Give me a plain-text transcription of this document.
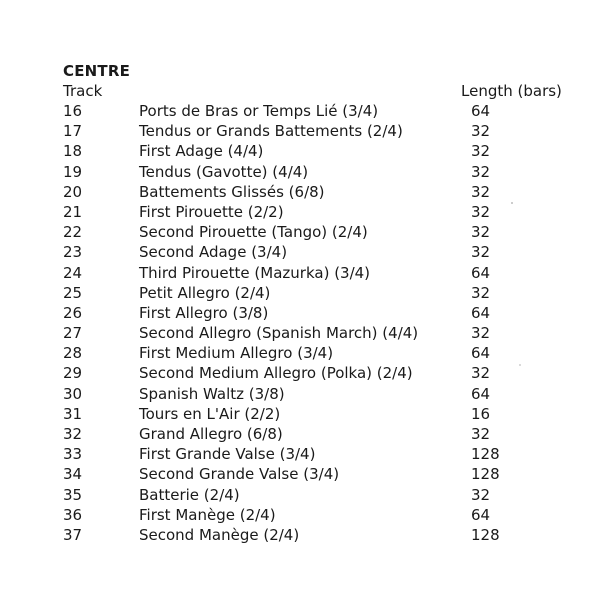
CENTRE
Track	Length (bars)
16	Ports de Bras or Temps Lié (3/4)	64
17	Tendus or Grands Battements (2/4)	32
18	First Adage (4/4)	32
19	Tendus (Gavotte) (4/4)	32
20	Battements Glissés (6/8)	32
21	First Pirouette (2/2)	32
22	Second Pirouette (Tango) (2/4)	32
23	Second Adage (3/4)	32
24	Third Pirouette (Mazurka) (3/4)	64
25	Petit Allegro (2/4)	32
26	First Allegro (3/8)	64
27	Second Allegro (Spanish March) (4/4)	32
28	First Medium Allegro (3/4)	64
29	Second Medium Allegro (Polka) (2/4)	32
30	Spanish Waltz (3/8)	64
31	Tours en L'Air (2/2)	16
32	Grand Allegro (6/8)	32
33	First Grande Valse (3/4)	128
34	Second Grande Valse (3/4)	128
35	Batterie (2/4)	32
36	First Manège (2/4)	64
37	Second Manège (2/4)	128
